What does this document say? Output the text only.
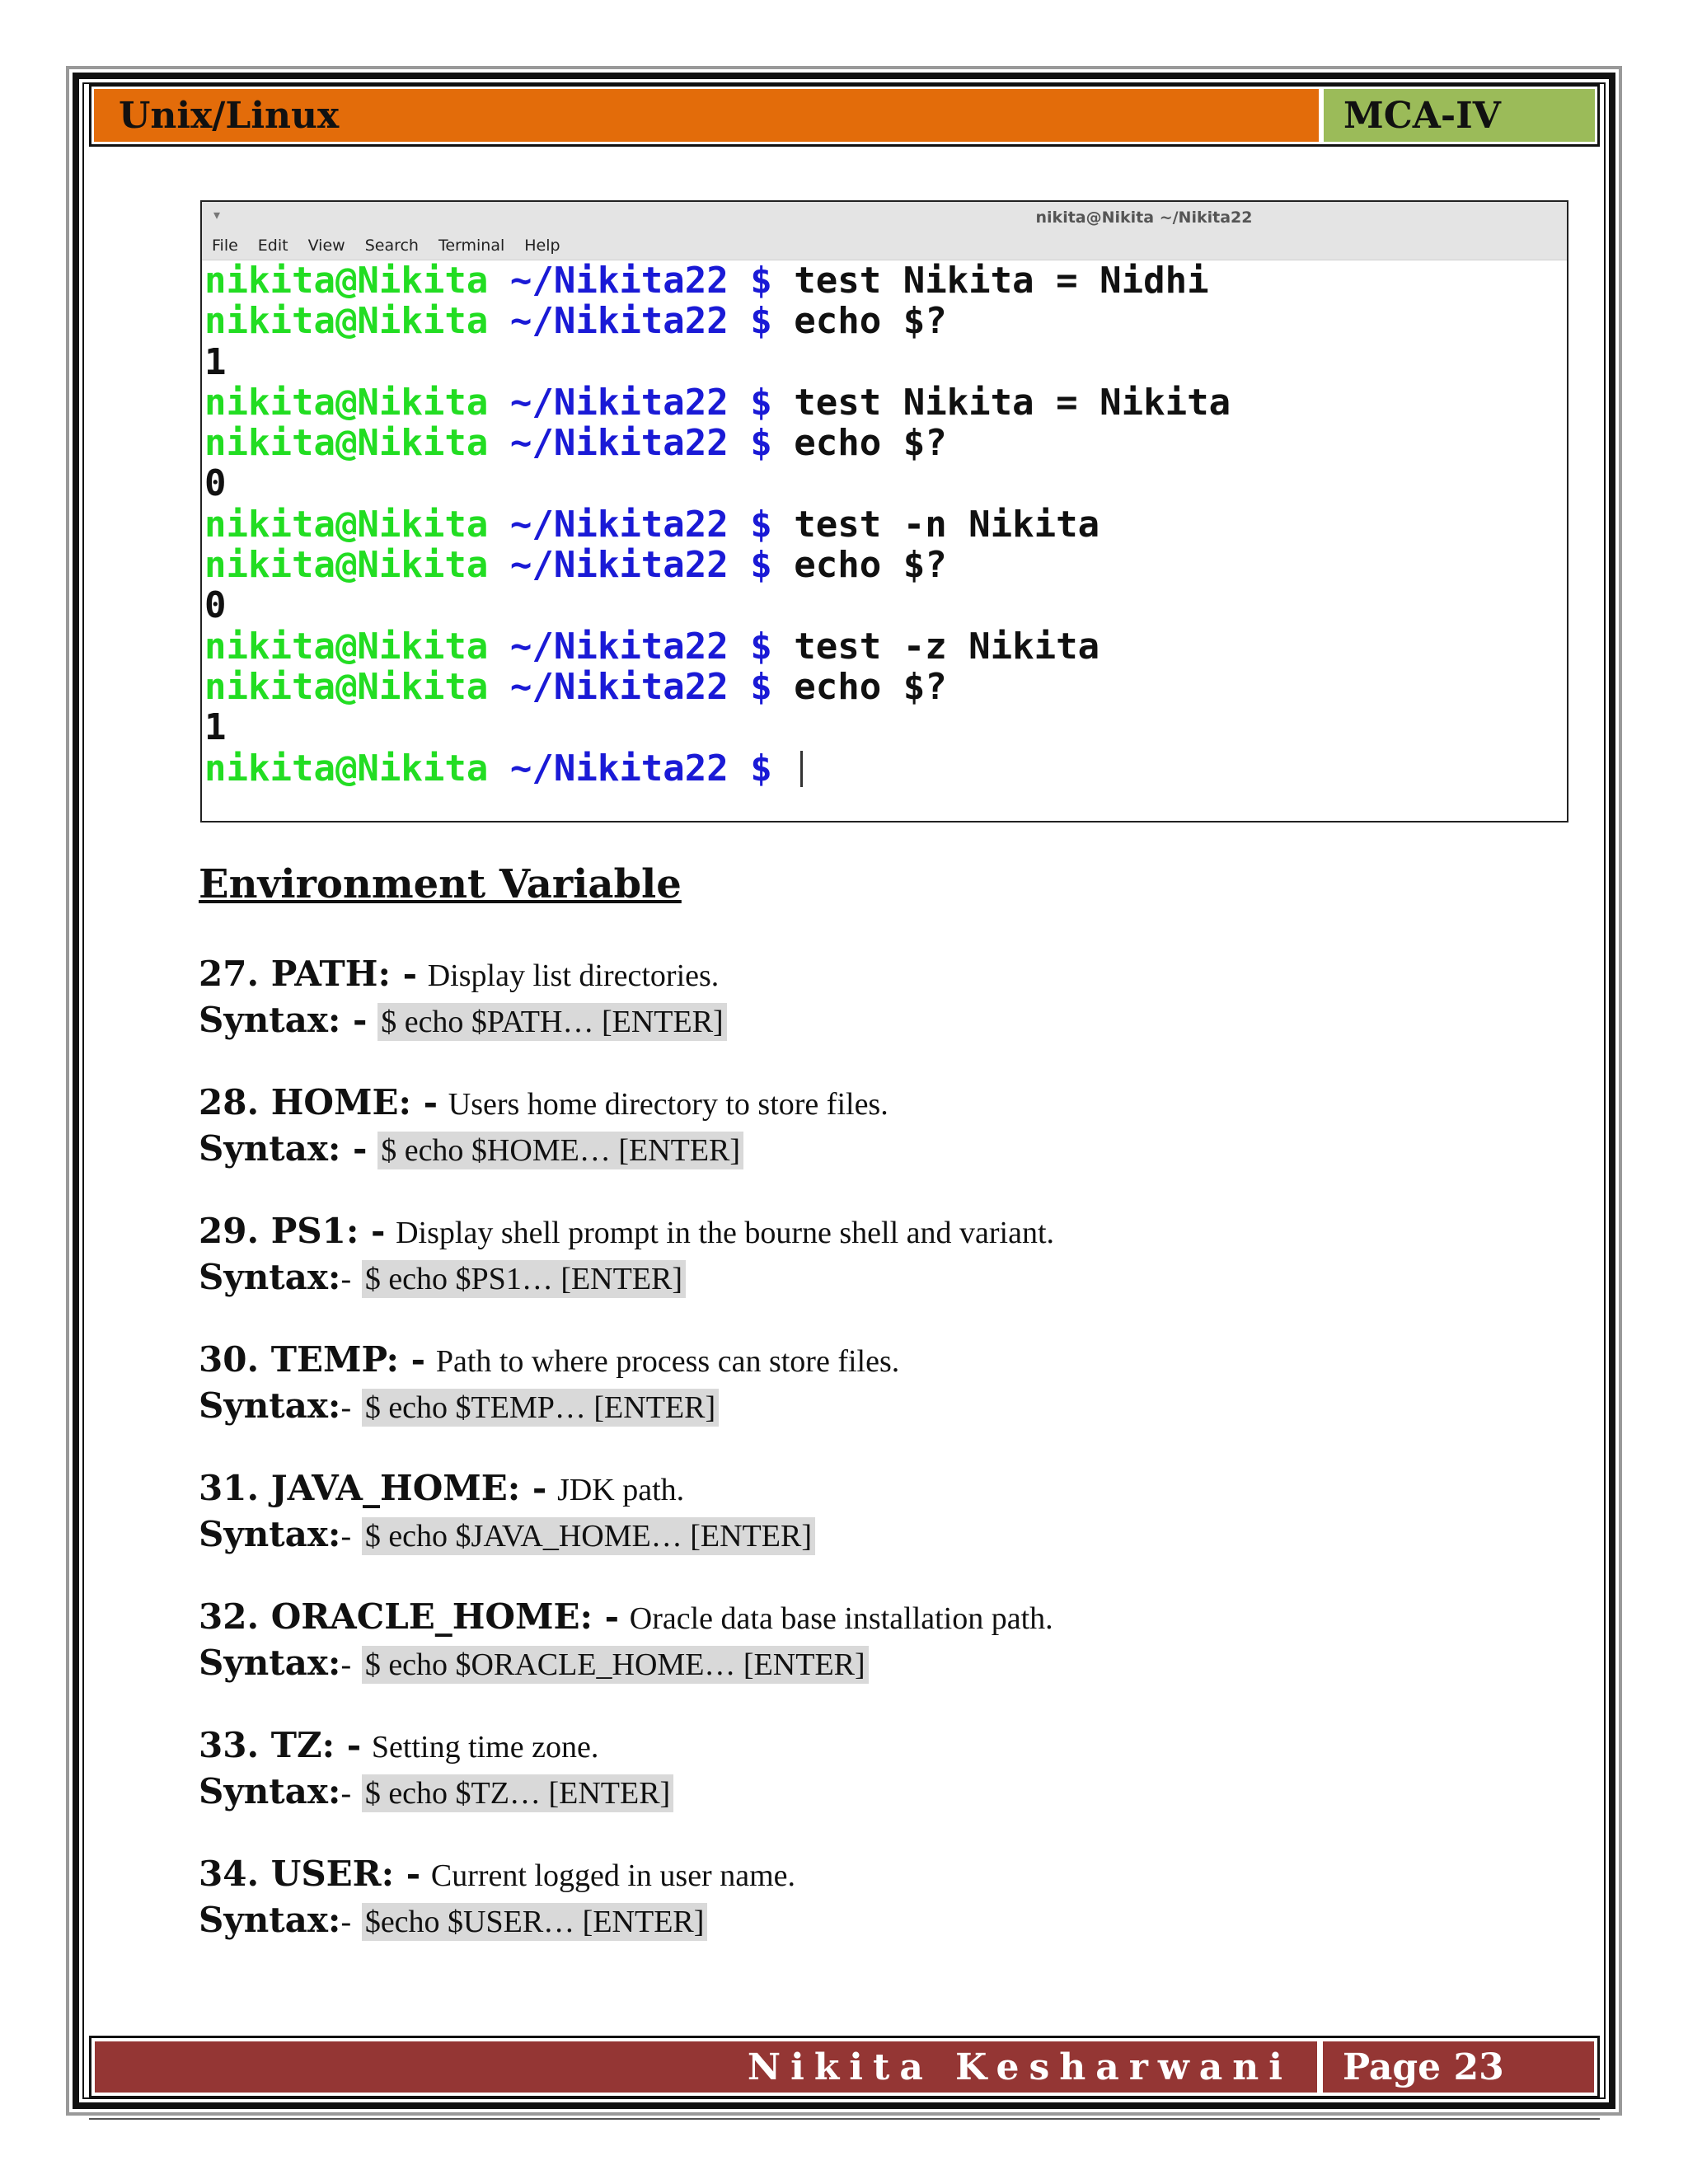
Unix/Linux	MCA-IV
▾	nikita@Nikita ~/Nikita22
File Edit View Search Terminal Help
nikita@Nikita ~/Nikita22 $ test Nikita = Nidhi
nikita@Nikita ~/Nikita22 $ echo $?
1
nikita@Nikita ~/Nikita22 $ test Nikita = Nikita
nikita@Nikita ~/Nikita22 $ echo $?
0
nikita@Nikita ~/Nikita22 $ test -n Nikita
nikita@Nikita ~/Nikita22 $ echo $?
0
nikita@Nikita ~/Nikita22 $ test -z Nikita
nikita@Nikita ~/Nikita22 $ echo $?
1
nikita@Nikita ~/Nikita22 $
Environment Variable
27. PATH: - Display list directories.
Syntax: - $ echo $PATH… [ENTER]
28. HOME: - Users home directory to store files.
Syntax: - $ echo $HOME… [ENTER]
29. PS1: - Display shell prompt in the bourne shell and variant.
Syntax:- $ echo $PS1… [ENTER]
30. TEMP: - Path to where process can store files.
Syntax:- $ echo $TEMP… [ENTER]
31. JAVA_HOME: - JDK path.
Syntax:- $ echo $JAVA_HOME… [ENTER]
32. ORACLE_HOME: - Oracle data base installation path.
Syntax:- $ echo $ORACLE_HOME… [ENTER]
33. TZ: - Setting time zone.
Syntax:- $ echo $TZ… [ENTER]
34. USER: - Current logged in user name.
Syntax:- $echo $USER… [ENTER]
Nikita Kesharwani	Page 23
